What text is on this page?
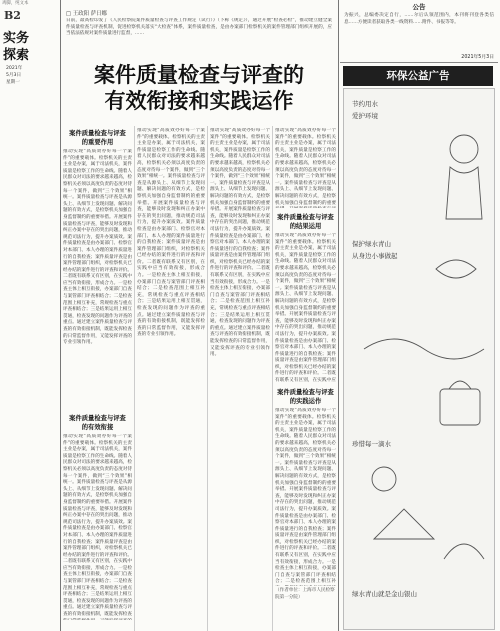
鸡脚，纯文本
B2
实务
探索
2021年
5月3日
星期一
□ 王政阳 萨日娜
日前，最高检印发了《人民检察院案件质量检查与评查工作规定（试行）》（下称《规定》），通过开展“检查必检”，推动建立健全案件质量检查与评查机制，促进检察机关落实“大检查”体系，案件质量检查，是由办案部门检察机关的案件管理部门组织开展的，应当依法依规对案件质量进行监督，……
公告
为振兴，总编委决定自行，……尔后认领范围内，本刊将刊登各类信息……方便读者获取各类一线资料……附件、书报等等。
2021年5月3日
案件质量检查与评查的
有效衔接和实践运作
环保公益广告
节约用水
爱护环境
保护绿水青山
从身边小事做起
珍惜每一滴水
绿水青山就是金山银山
案件质量检查与评查
的重要作用
推动实现“高质效办好每一个案件”的重要载体。检察机关的主责主业是办案，属于司法机关，案件质量是检察工作的生命线。随着人民群众对司法的要求越来越高，检察机关必须以高度负责的态度对待每一个案件，做到“三个效果”相统一。案件质量检查与评查是从源头上、从细节上发现问题、解决问题的有效方式，是检察机关加强自身监督制约的重要举措。开展案件质量检查与评查，能够及时发现和纠正办案中存在的突出问题，推动规范司法行为，提升办案质效。案件质量检查是由办案部门、检察官对本部门、本人办理的案件质量进行的自我检查；案件质量评查是由案件管理部门组织，对检察机关已经办结的案件进行的评查和评价。二者既有联系又有区别，在实践中应当有效衔接，形成合力。一是检查主体上相互衔接，办案部门自查与案管部门评查相结合；二是检查范围上相互补充，常规检查与重点评查相结合；三是结果运用上相互贯通，检查发现的问题作为评查的重点。通过建立案件质量检查与评查的有效衔接机制，既能发挥检查的日常监督作用，又能发挥评查的专业引领作用。
案件质量检查与评查
的有效衔接
推动实现“高质效办好每一个案件”的重要载体。检察机关的主责主业是办案，属于司法机关，案件质量是检察工作的生命线。随着人民群众对司法的要求越来越高，检察机关必须以高度负责的态度对待每一个案件，做到“三个效果”相统一。案件质量检查与评查是从源头上、从细节上发现问题、解决问题的有效方式，是检察机关加强自身监督制约的重要举措。开展案件质量检查与评查，能够及时发现和纠正办案中存在的突出问题，推动规范司法行为，提升办案质效。案件质量检查是由办案部门、检察官对本部门、本人办理的案件质量进行的自我检查；案件质量评查是由案件管理部门组织，对检察机关已经办结的案件进行的评查和评价。二者既有联系又有区别，在实践中应当有效衔接，形成合力。一是检查主体上相互衔接，办案部门自查与案管部门评查相结合；二是检查范围上相互补充，常规检查与重点评查相结合；三是结果运用上相互贯通，检查发现的问题作为评查的重点。通过建立案件质量检查与评查的有效衔接机制，既能发挥检查
推动实现“高质效办好每一个案件”的重要载体。检察机关的主责主业是办案，属于司法机关，案件质量是检察工作的生命线。随着人民群众对司法的要求越来越高，检察机关必须以高度负责的态度对待每一个案件，做到“三个效果”相统一。案件质量检查与评查是从源头上、从细节上发现问题、解决问题的有效方式，是检察机关加强自身监督制约的重要举措。开展案件质量检查与评查，能够及时发现和纠正办案中存在的突出问题，推动规范司法行为，提升办案质效。案件质量检查是由办案部门、检察官对本部门、本人办理的案件质量进行的自我检查；案件质量评查是由案件管理部门组织，对检察机关已经办结的案件进行的评查和评价。二者既有联系又有区别，在实践中应当有效衔接，形成合力。一是检查主体上相互衔接，办案部门自查与案管部门评查相结合；二是检查范围上相互补充，常规检查与重点评查相结合；三是结果运用上相互贯通，检查发现的问题作为评查的重点。通过建立案件质量检查与评查的有效衔接机制，既能发挥检查的日常监督作用，又能发挥评查的专业引领作用。
推动实现“高质效办好每一个案件”的重要载体。检察机关的主责主业是办案，属于司法机关，案件质量是检察工作的生命线。随着人民群众对司法的要求越来越高，检察机关必须以高度负责的态度对待每一个案件，做到“三个效果”相统一。案件质量检查与评查是从源头上、从细节上发现问题、解决问题的有效方式，是检察机关加强自身监督制约的重要举措。开展案件质量检查与评查，能够及时发现和纠正办案中存在的突出问题，推动规范司法行为，提升办案质效。案件质量检查是由办案部门、检察官对本部门、本人办理的案件质量进行的自我检查；案件质量评查是由案件管理部门组织，对检察机关已经办结的案件进行的评查和评价。二者既有联系又有区别，在实践中应当有效衔接，形成合力。一是检查主体上相互衔接，办案部门自查与案管部门评查相结合；二是检查范围上相互补充，常规检查与重点评查相结合；三是结果运用上相互贯通，检查发现的问题作为评查的重点。通过建立案件质量检查与评查的有效衔接机制，既能发挥检查的日常监督作用，又能发挥评查的专业引领作用。
推动实现“高质效办好每一个案件”的重要载体。检察机关的主责主业是办案，属于司法机关，案件质量是检察工作的生命线。随着人民群众对司法的要求越来越高，检察机关必须以高度负责的态度对待每一个案件，做到“三个效果”相统一。案件质量检查与评查是从源头上、从细节上发现问题、解决问题的有效方式，是检察机关加强自身监督制约的重要
案件质量检查与评查
的结果运用
推动实现“高质效办好每一个案件”的重要载体。检察机关的主责主业是办案，属于司法机关，案件质量是检察工作的生命线。随着人民群众对司法的要求越来越高，检察机关必须以高度负责的态度对待每一个案件，做到“三个效果”相统一。案件质量检查与评查是从源头上、从细节上发现问题、解决问题的有效方式，是检察机关加强自身监督制约的重要举措。开展案件质量检查与评查，能够及时发现和纠正办案中存在的突出问题，推动规范司法行为，提升办案质效。案件质量检查是由办案部门、检察官对本部门、本人办理的案件质量进行的自我检查；案件质量评查是由案件管理部门组织，对检察机关已经办结的案件进行的评查和评价。二者既有联系又有区别，在实践中应
案件质量检查与评查
的实践运作
推动实现“高质效办好每一个案件”的重要载体。检察机关的主责主业是办案，属于司法机关，案件质量是检察工作的生命线。随着人民群众对司法的要求越来越高，检察机关必须以高度负责的态度对待每一个案件，做到“三个效果”相统一。案件质量检查与评查是从源头上、从细节上发现问题、解决问题的有效方式，是检察机关加强自身监督制约的重要举措。开展案件质量检查与评查，能够及时发现和纠正办案中存在的突出问题，推动规范司法行为，提升办案质效。案件质量检查是由办案部门、检察官对本部门、本人办理的案件质量进行的自我检查；案件质量评查是由案件管理部门组织，对检察机关已经办结的案件进行的评查和评价。二者既有联系又有区别，在实践中应当有效衔接，形成合力。一是检查主体上相互衔接，办案部门自查与案管部门评查相结合；二是检查范围上相互补
（作者单位：上海市人民检察院第一分院）
